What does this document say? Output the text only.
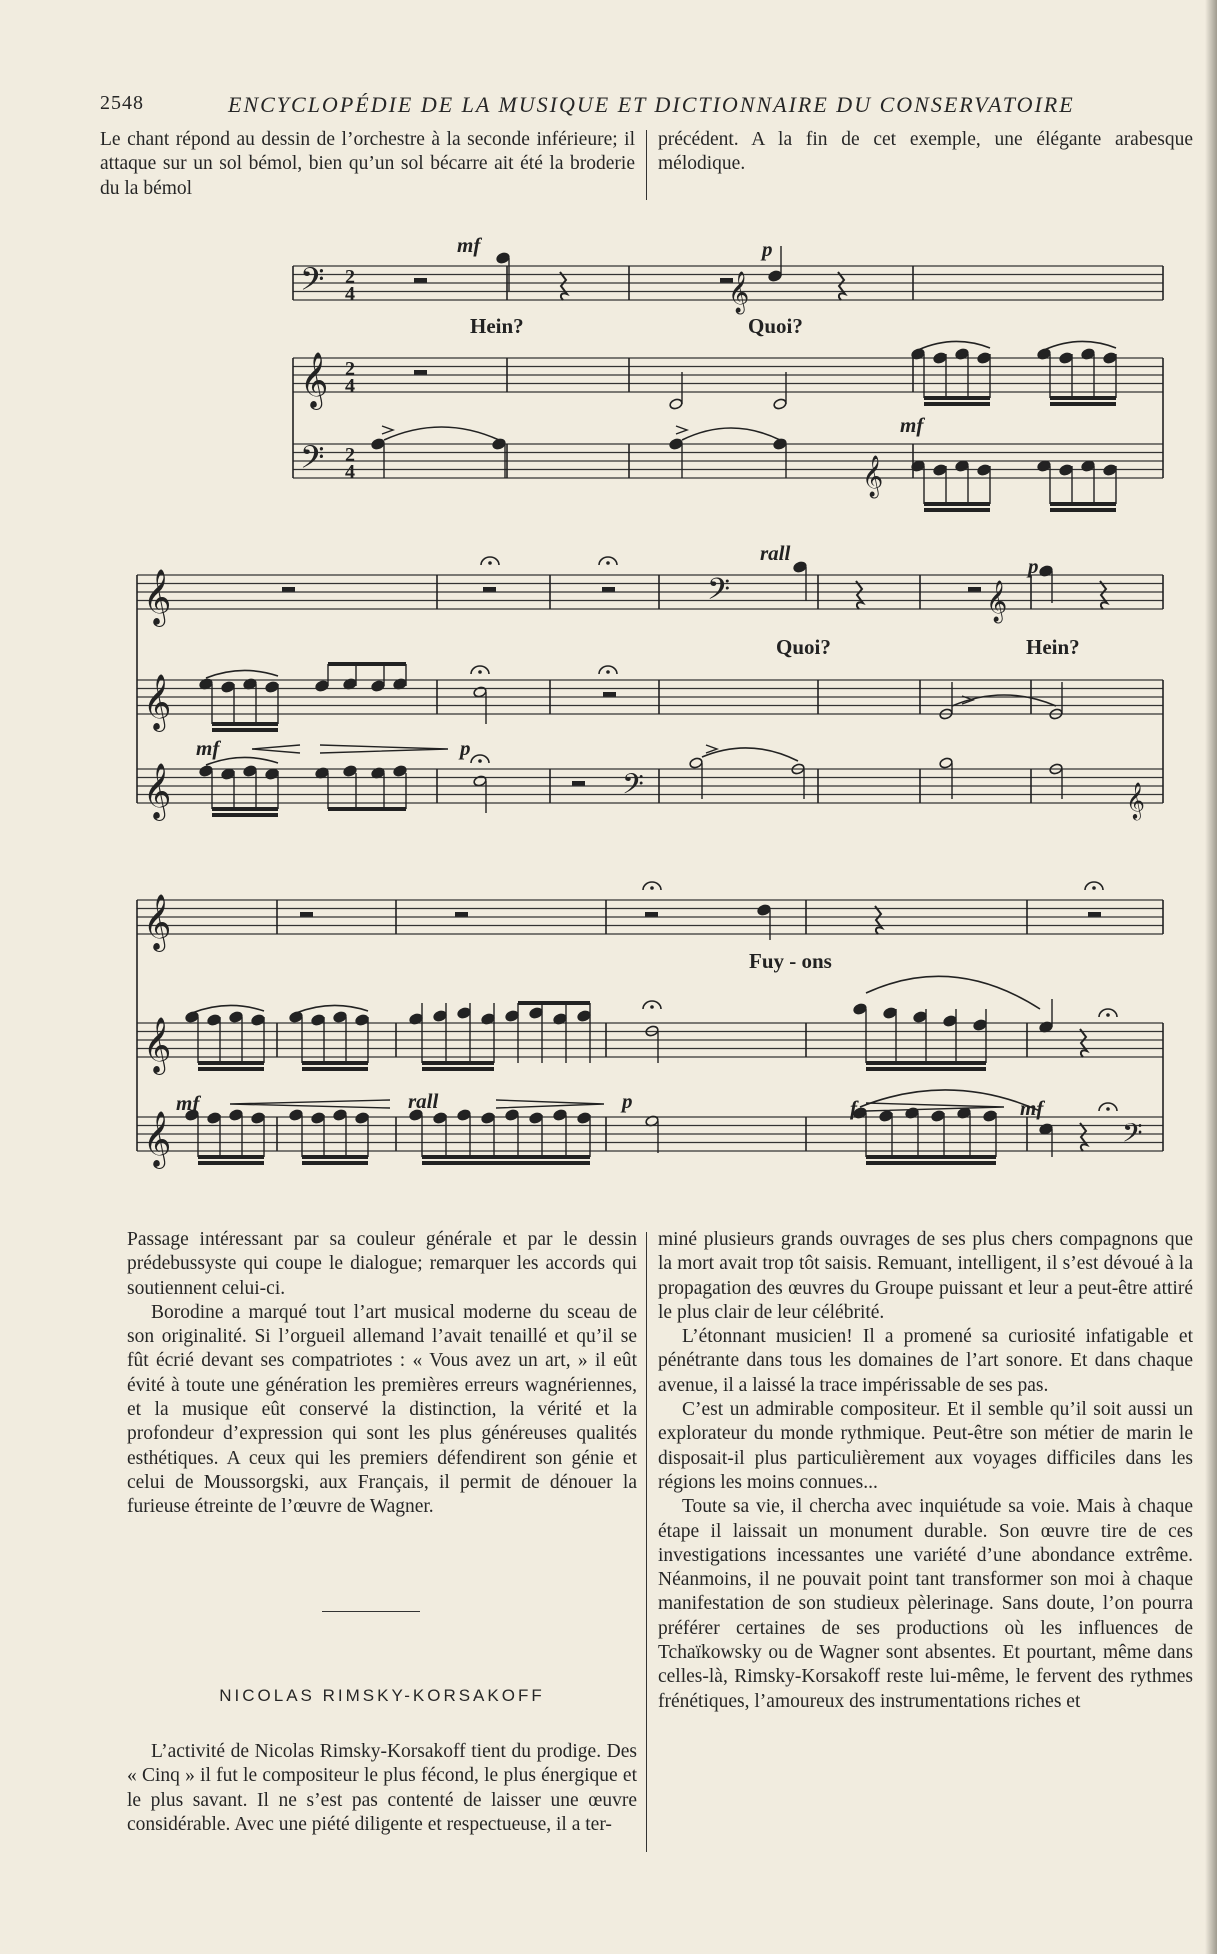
2548	ENCYCLOPÉDIE DE LA MUSIQUE ET DICTIONNAIRE DU CONSERVATOIRE

Le chant répond au dessin de l’orchestre à la seconde inférieure; il attaque sur un sol bémol, bien qu’un sol bécarre ait été la broderie du la bémol

précédent. A la fin de cet exemple, une élégante arabesque mélodique.

𝄢
𝄞
𝄢
2
4
2
4
2
4
𝄞
𝄞
𝄞
𝄞
𝄞
𝄢	𝄞
𝄢	𝄞
𝄞
𝄞
𝄞	𝄢
mf	p
Hein?	Quoi?
mf
rall
p
Quoi?	Hein?
mf	p
Fuy - ons
mf	rall	p	f	mf

Passage intéressant par sa couleur générale et par le dessin prédebussyste qui coupe le dialogue; remarquer les accords qui soutiennent celui-ci.

Borodine a marqué tout l’art musical moderne du sceau de son originalité. Si l’orgueil allemand l’avait tenaillé et qu’il se fût écrié devant ses compatriotes : « Vous avez un art, » il eût évité à toute une génération les premières erreurs wagnériennes, et la musique eût conservé la distinction, la vérité et la profondeur d’expression qui sont les plus généreuses qualités esthétiques. A ceux qui les premiers défendirent son génie et celui de Moussorgski, aux Français, il permit de dénouer la furieuse étreinte de l’œuvre de Wagner.

NICOLAS RIMSKY-KORSAKOFF

L’activité de Nicolas Rimsky-Korsakoff tient du prodige. Des « Cinq » il fut le compositeur le plus fécond, le plus énergique et le plus savant. Il ne s’est pas contenté de laisser une œuvre considérable. Avec une piété diligente et respectueuse, il a ter-

miné plusieurs grands ouvrages de ses plus chers compagnons que la mort avait trop tôt saisis. Remuant, intelligent, il s’est dévoué à la propagation des œuvres du Groupe puissant et leur a peut-être attiré le plus clair de leur célébrité.

L’étonnant musicien! Il a promené sa curiosité infatigable et pénétrante dans tous les domaines de l’art sonore. Et dans chaque avenue, il a laissé la trace impérissable de ses pas.

C’est un admirable compositeur. Et il semble qu’il soit aussi un explorateur du monde rythmique. Peut-être son métier de marin le disposait-il plus particulièrement aux voyages difficiles dans les régions les moins connues...

Toute sa vie, il chercha avec inquiétude sa voie. Mais à chaque étape il laissait un monument durable. Son œuvre tire de ces investigations incessantes une variété d’une abondance extrême. Néanmoins, il ne pouvait point tant transformer son moi à chaque manifestation de son studieux pèlerinage. Sans doute, l’on pourra préférer certaines de ses productions où les influences de Tchaïkowsky ou de Wagner sont absentes. Et pourtant, même dans celles-là, Rimsky-Korsakoff reste lui-même, le fervent des rythmes frénétiques, l’amoureux des instrumentations riches et
